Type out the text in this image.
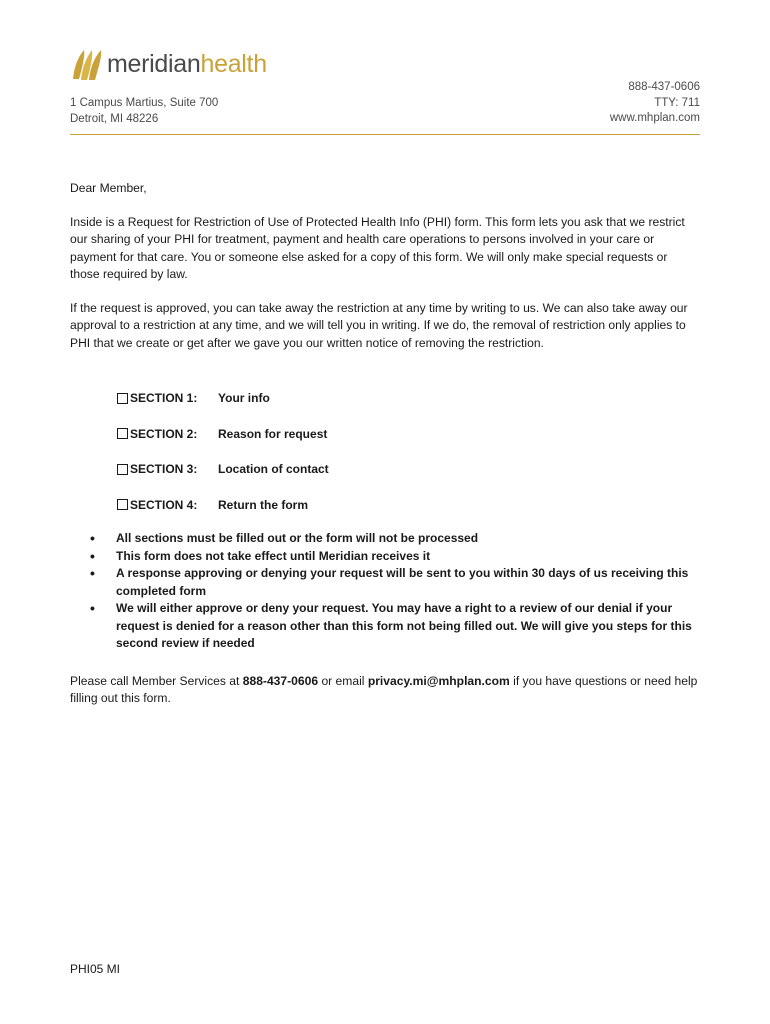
meridianhealth
1 Campus Martius, Suite 700
Detroit, MI 48226
888-437-0606
TTY: 711
www.mhplan.com
Dear Member,
Inside is a Request for Restriction of Use of Protected Health Info (PHI) form. This form lets you ask that we restrict our sharing of your PHI for treatment, payment and health care operations to persons involved in your care or payment for that care. You or someone else asked for a copy of this form. We will only make special requests or those required by law.
If the request is approved, you can take away the restriction at any time by writing to us. We can also take away our approval to a restriction at any time, and we will tell you in writing. If we do, the removal of restriction only applies to PHI that we create or get after we gave you our written notice of removing the restriction.
SECTION 1:	Your info
SECTION 2:	Reason for request
SECTION 3:	Location of contact
SECTION 4:	Return the form
•	All sections must be filled out or the form will not be processed
•	This form does not take effect until Meridian receives it
•	A response approving or denying your request will be sent to you within 30 days of us receiving this completed form
•	We will either approve or deny your request. You may have a right to a review of our denial if your request is denied for a reason other than this form not being filled out. We will give you steps for this second review if needed
Please call Member Services at 888-437-0606 or email privacy.mi@mhplan.com if you have questions or need help filling out this form.
PHI05 MI
